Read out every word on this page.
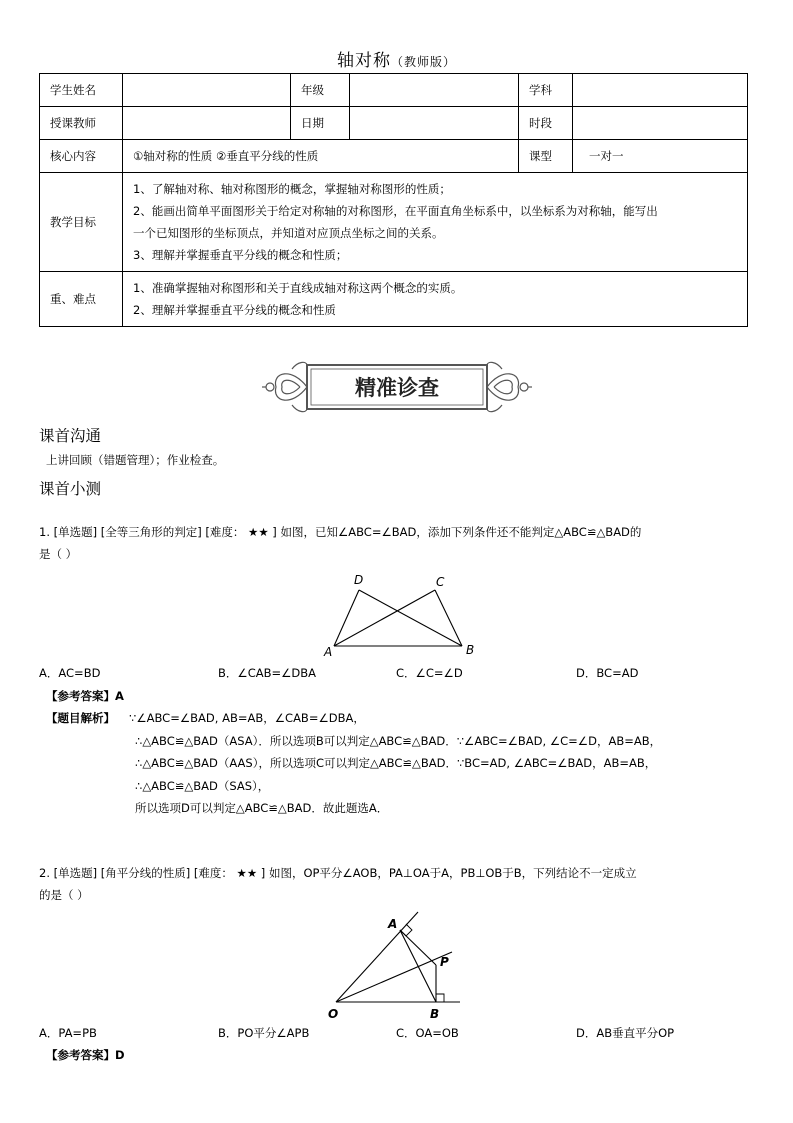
轴对称（教师版）
学生姓名		年级		学科	
授课教师		日期		时段	
核心内容	①轴对称的性质 ②垂直平分线的性质			课型	一对一
教学目标	1、了解轴对称、轴对称图形的概念，掌握轴对称图形的性质；
2、能画出简单平面图形关于给定对称轴的对称图形，在平面直角坐标系中，以坐标系为对称轴，能写出
一个已知图形的坐标顶点，并知道对应顶点坐标之间的关系。
3、理解并掌握垂直平分线的概念和性质；				

重、难点	1、准确掌握轴对称图形和关于直线成轴对称这两个概念的实质。
2、理解并掌握垂直平分线的概念和性质				
精准诊查
课首沟通
上讲回顾（错题管理）；作业检查。
课首小测
1. [单选题] [全等三角形的判定] [难度： ★★ ] 如图，已知∠ABC=∠BAD，添加下列条件还不能判定△ABC≌△BAD的
是（ ）
D	C
A	B
A．AC=BD	B．∠CAB=∠DBA	C．∠C=∠D	D．BC=AD
【参考答案】A
【题目解析】 ∵∠ABC=∠BAD, AB=AB，∠CAB=∠DBA，
∴△ABC≌△BAD（ASA）．所以选项B可以判定△ABC≌△BAD．∵∠ABC=∠BAD, ∠C=∠D，AB=AB，
∴△ABC≌△BAD（AAS），所以选项C可以判定△ABC≌△BAD．∵BC=AD, ∠ABC=∠BAD，AB=AB，
∴△ABC≌△BAD（SAS），
所以选项D可以判定△ABC≌△BAD．故此题选A．
2. [单选题] [角平分线的性质] [难度： ★★ ] 如图，OP平分∠AOB，PA⊥OA于A，PB⊥OB于B，下列结论不一定成立
的是（ ）
A
P
O	B
A．PA=PB	B．PO平分∠APB	C．OA=OB	D．AB垂直平分OP
【参考答案】D
